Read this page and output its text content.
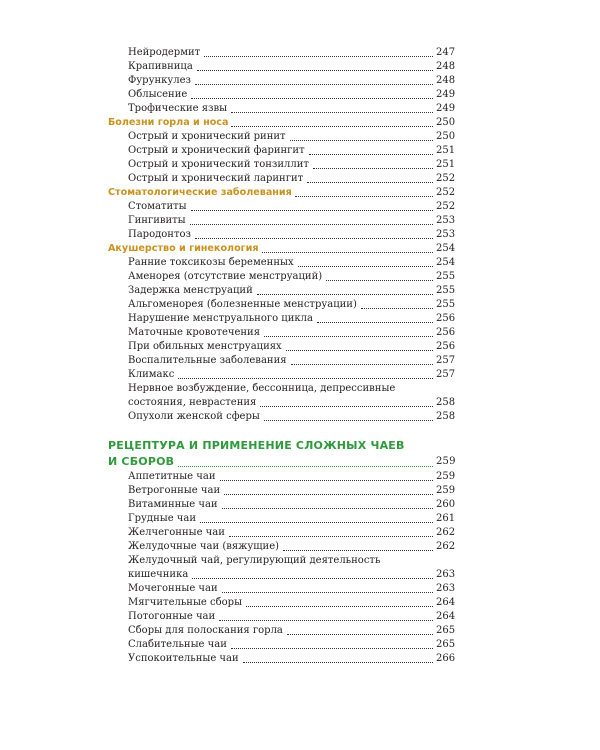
Нейродермит	247
Крапивница	248
Фурункулез	248
Облысение	249
Трофические язвы	249
Болезни горла и носа	250
Острый и хронический ринит	250
Острый и хронический фарингит	251
Острый и хронический тонзиллит	251
Острый и хронический ларингит	252
Стоматологические заболевания	252
Стоматиты	252
Гингивиты	253
Пародонтоз	253
Акушерство и гинекология	254
Ранние токсикозы беременных	254
Аменорея (отсутствие менструаций)	255
Задержка менструаций	255
Альгоменорея (болезненные менструации)	255
Нарушение менструального цикла	256
Маточные кровотечения	256
При обильных менструациях	256
Воспалительные заболевания	257
Климакс	257
Нервное возбуждение, бессонница, депрессивные
состояния, неврастения	258
Опухоли женской сферы	258
РЕЦЕПТУРА И ПРИМЕНЕНИЕ СЛОЖНЫХ ЧАЕВ
И СБОРОВ	259
Аппетитные чаи	259
Ветрогонные чаи	259
Витаминные чаи	260
Грудные чаи	261
Желчегонные чаи	262
Желудочные чаи (вяжущие)	262
Желудочный чай, регулирующий деятельность
кишечника	263
Мочегонные чаи	263
Мягчительные сборы	264
Потогонные чаи	264
Сборы для полоскания горла	265
Слабительные чаи	265
Успокоительные чаи	266
